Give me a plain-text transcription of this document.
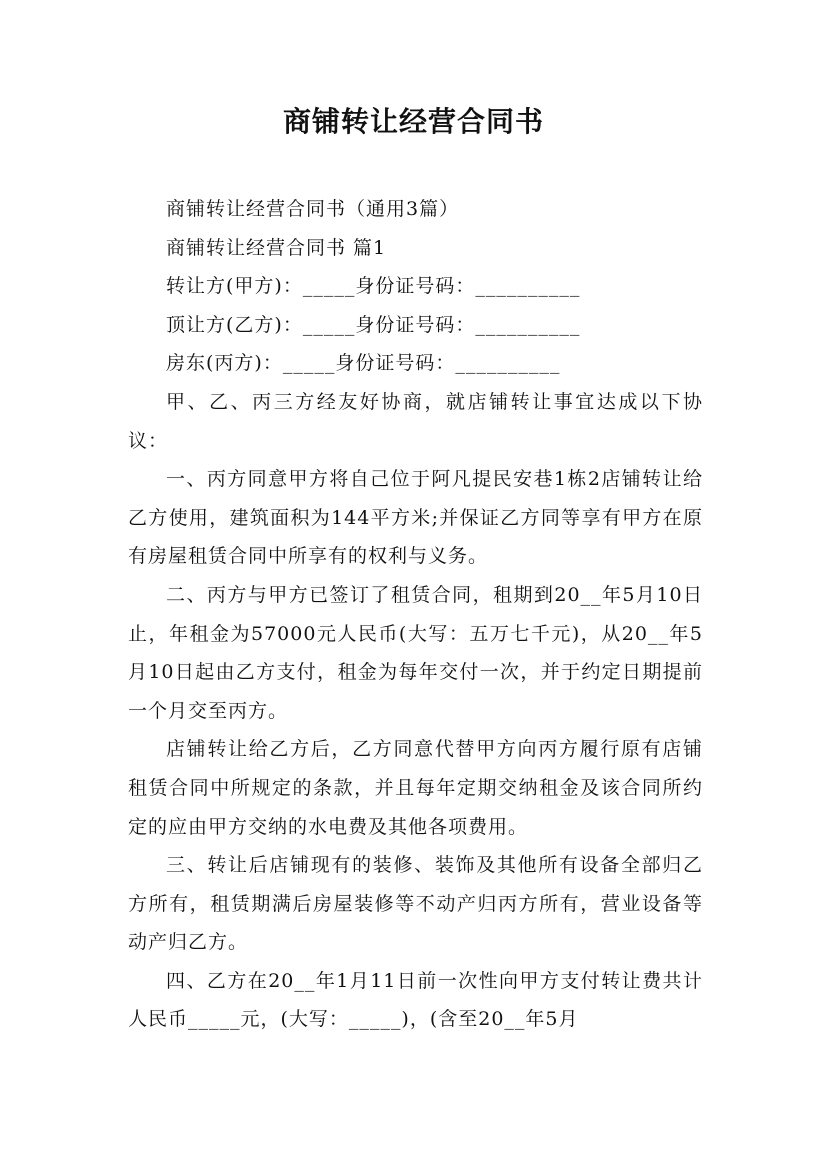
商铺转让经营合同书

商铺转让经营合同书（通用3篇）

商铺转让经营合同书 篇1

转让方(甲方)：_____身份证号码：__________

顶让方(乙方)：_____身份证号码：__________

房东(丙方)：_____身份证号码：__________

甲、乙、丙三方经友好协商，就店铺转让事宜达成以下协议：

一、丙方同意甲方将自己位于阿凡提民安巷1栋2店铺转让给乙方使用，建筑面积为144平方米;并保证乙方同等享有甲方在原有房屋租赁合同中所享有的权利与义务。

二、丙方与甲方已签订了租赁合同，租期到20__年5月10日止，年租金为57000元人民币(大写：五万七千元)，从20__年5月10日起由乙方支付，租金为每年交付一次，并于约定日期提前一个月交至丙方。

店铺转让给乙方后，乙方同意代替甲方向丙方履行原有店铺租赁合同中所规定的条款，并且每年定期交纳租金及该合同所约定的应由甲方交纳的水电费及其他各项费用。

三、转让后店铺现有的装修、装饰及其他所有设备全部归乙方所有，租赁期满后房屋装修等不动产归丙方所有，营业设备等动产归乙方。

四、乙方在20__年1月11日前一次性向甲方支付转让费共计人民币_____元，(大写：_____)，(含至20__年5月
